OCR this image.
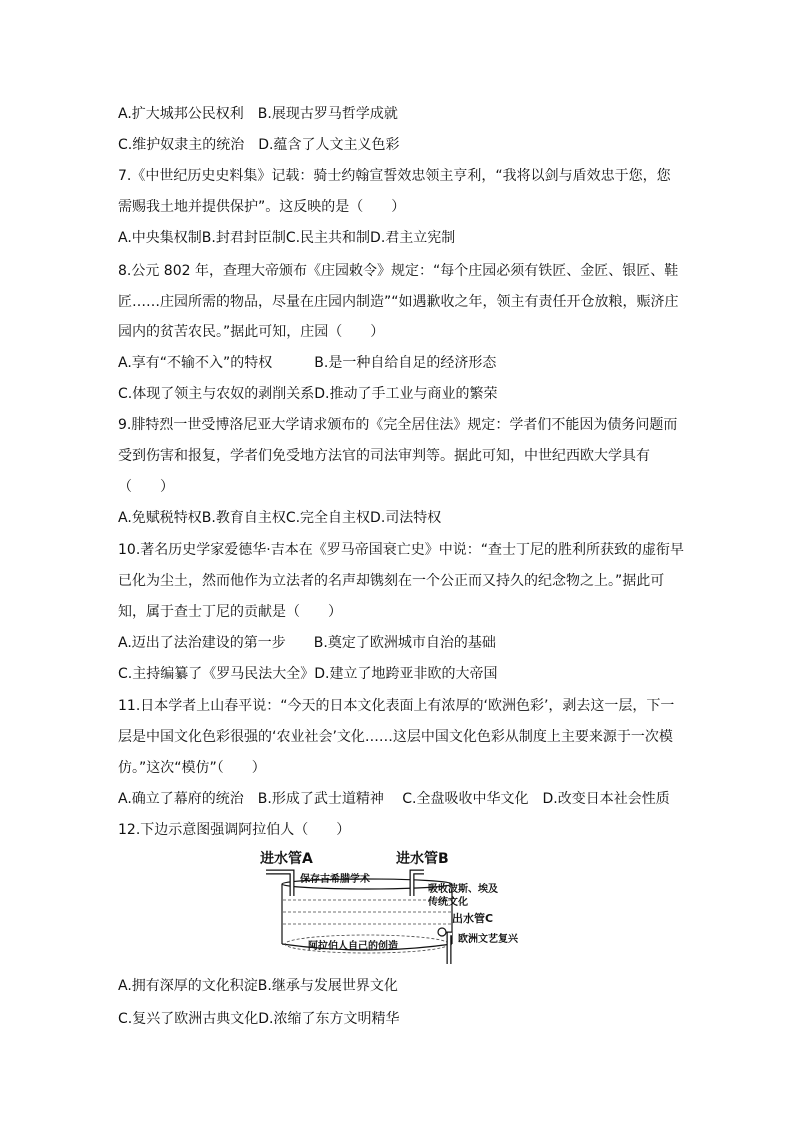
A.扩大城邦公民权利　B.展现古罗马哲学成就
C.维护奴隶主的统治　D.蕴含了人文主义色彩
7.《中世纪历史史料集》记载：骑士约翰宣誓效忠领主亨利，“我将以剑与盾效忠于您，您
需赐我土地并提供保护”。这反映的是（　　）
A.中央集权制B.封君封臣制C.民主共和制D.君主立宪制
8.公元 802 年，查理大帝颁布《庄园敕令》规定：“每个庄园必须有铁匠、金匠、银匠、鞋
匠……庄园所需的物品，尽量在庄园内制造”“如遇歉收之年，领主有责任开仓放粮，赈济庄
园内的贫苦农民。”据此可知，庄园（　　）
A.享有“不输不入”的特权　　　B.是一种自给自足的经济形态
C.体现了领主与农奴的剥削关系D.推动了手工业与商业的繁荣
9.腓特烈一世受博洛尼亚大学请求颁布的《完全居住法》规定：学者们不能因为债务问题而
受到伤害和报复，学者们免受地方法官的司法审判等。据此可知，中世纪西欧大学具有
（　　）
A.免赋税特权B.教育自主权C.完全自主权D.司法特权
10.著名历史学家爱德华·吉本在《罗马帝国衰亡史》中说：“查士丁尼的胜利所获致的虚衔早
已化为尘土，然而他作为立法者的名声却镌刻在一个公正而又持久的纪念物之上。”据此可
知，属于查士丁尼的贡献是（　　）
A.迈出了法治建设的第一步　　B.奠定了欧洲城市自治的基础
C.主持编纂了《罗马民法大全》D.建立了地跨亚非欧的大帝国
11.日本学者上山春平说：“今天的日本文化表面上有浓厚的‘欧洲色彩’，剥去这一层，下一
层是中国文化色彩很强的‘农业社会’文化……这层中国文化色彩从制度上主要来源于一次模
仿。”这次“模仿”（　　）
A.确立了幕府的统治　B.形成了武士道精神　 C.全盘吸收中华文化　D.改变日本社会性质
12.下边示意图强调阿拉伯人（　　）
A.拥有深厚的文化积淀B.继承与发展世界文化
C.复兴了欧洲古典文化D.浓缩了东方文明精华
进水管A	进水管B
保存古希腊学术
吸收波斯、埃及
传统文化
出水管C
欧洲文艺复兴
阿拉伯人自己的创造
